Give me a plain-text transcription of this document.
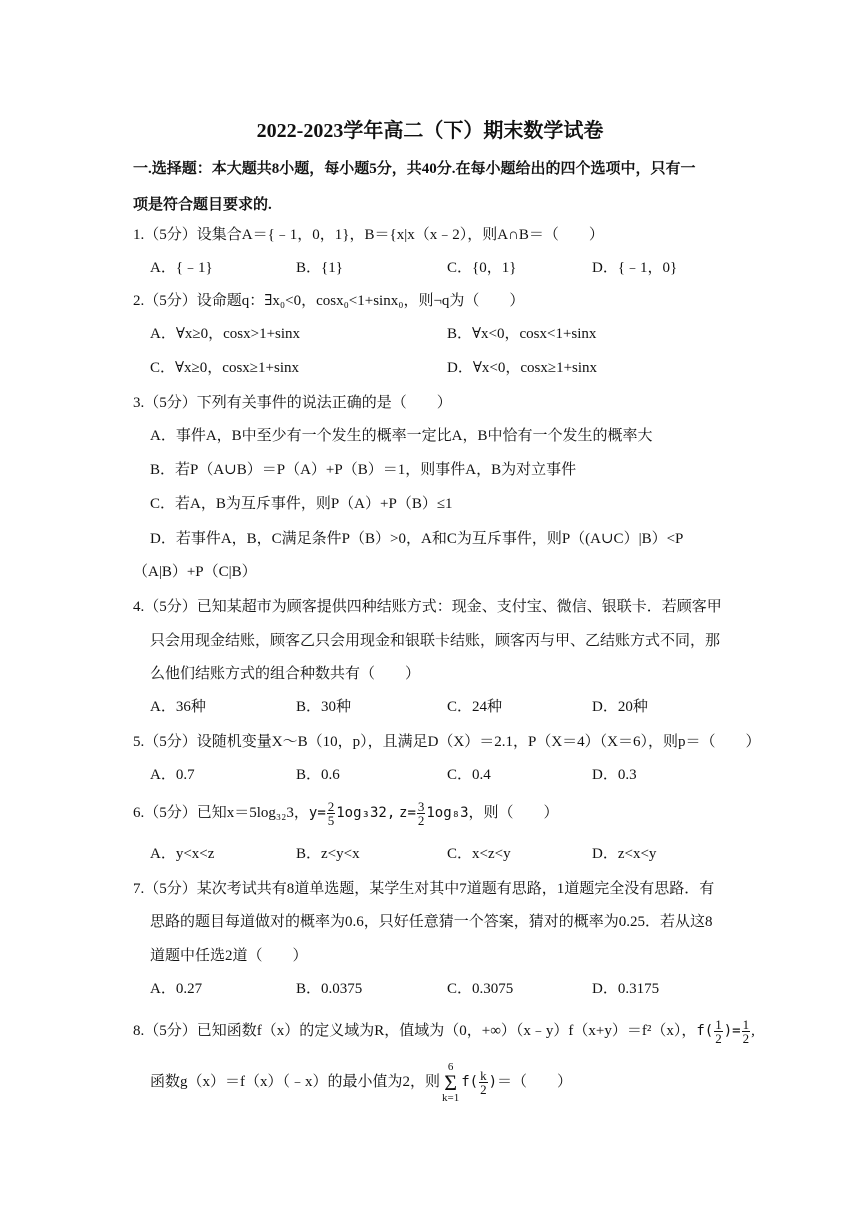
2022-2023学年高二（下）期末数学试卷
一.选择题：本大题共8小题，每小题5分，共40分.在每小题给出的四个选项中，只有一
项是符合题目要求的.
1.（5分）设集合A＝{﹣1，0，1}，B＝{x|x（x﹣2），则A∩B＝（　　）
A．{﹣1}	B．{1}	C．{0，1}	D．{﹣1，0}
2.（5分）设命题q：∃x₀<0，cosx₀<1+sinx₀，则¬q为（　　）
A．∀x≥0，cosx>1+sinx	B．∀x<0，cosx<1+sinx
C．∀x≥0，cosx≥1+sinx	D．∀x<0，cosx≥1+sinx
3.（5分）下列有关事件的说法正确的是（　　）
A．事件A，B中至少有一个发生的概率一定比A，B中恰有一个发生的概率大
B．若P（A∪B）＝P（A）+P（B）＝1，则事件A，B为对立事件
C．若A，B为互斥事件，则P（A）+P（B）≤1
D．若事件A，B，C满足条件P（B）>0，A和C为互斥事件，则P（(A∪C）|B）<P
（A|B）+P（C|B）
4.（5分）已知某超市为顾客提供四种结账方式：现金、支付宝、微信、银联卡．若顾客甲
只会用现金结账，顾客乙只会用现金和银联卡结账，顾客丙与甲、乙结账方式不同，那
么他们结账方式的组合种数共有（　　）
A．36种	B．30种	C．24种	D．20种
5.（5分）设随机变量X～B（10，p），且满足D（X）＝2.1，P（X＝4）（X＝6），则p＝（　　）
A．0.7	B．0.6	C．0.4	D．0.3
6.（5分）已知x＝5log₃₂3，$y= \frac{2}{5} 1og_332$, $z= \frac{3}{2} 1og_83$，则（　　）
A．y<x<z	B．z<y<x	C．x<z<y	D．z<x<y
7.（5分）某次考试共有8道单选题，某学生对其中7道题有思路，1道题完全没有思路．有
思路的题目每道做对的概率为0.6，只好任意猜一个答案，猜对的概率为0.25．若从这8
道题中任选2道（　　）
A．0.27	B．0.0375	C．0.3075	D．0.3175
8.（5分）已知函数f（x）的定义域为R，值域为（0，+∞）（x﹣y）f（x+y）＝f²（x），$f( \frac{1}{2}$ )= $\frac{1}{2}$ ,
函数g（x）＝f（x）（﹣x）的最小值为2，则6
Σ
$k=1f( \frac{k}{2}$ )＝（　　）
